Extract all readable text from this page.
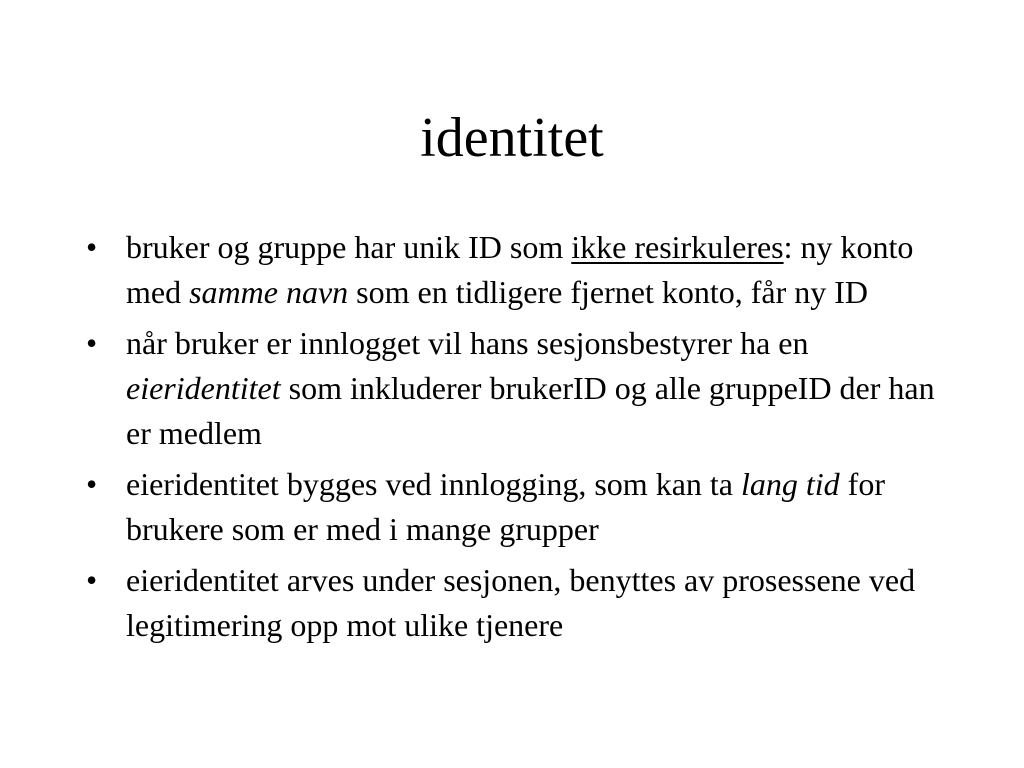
identitet
• bruker og gruppe har unik ID som ikke resirkuleres: ny konto med samme navn som en tidligere fjernet konto, får ny ID
• når bruker er innlogget vil hans sesjonsbestyrer ha en eieridentitet som inkluderer brukerID og alle gruppeID der han er medlem
• eieridentitet bygges ved innlogging, som kan ta lang tid for brukere som er med i mange grupper
• eieridentitet arves under sesjonen, benyttes av prosessene ved legitimering opp mot ulike tjenere
